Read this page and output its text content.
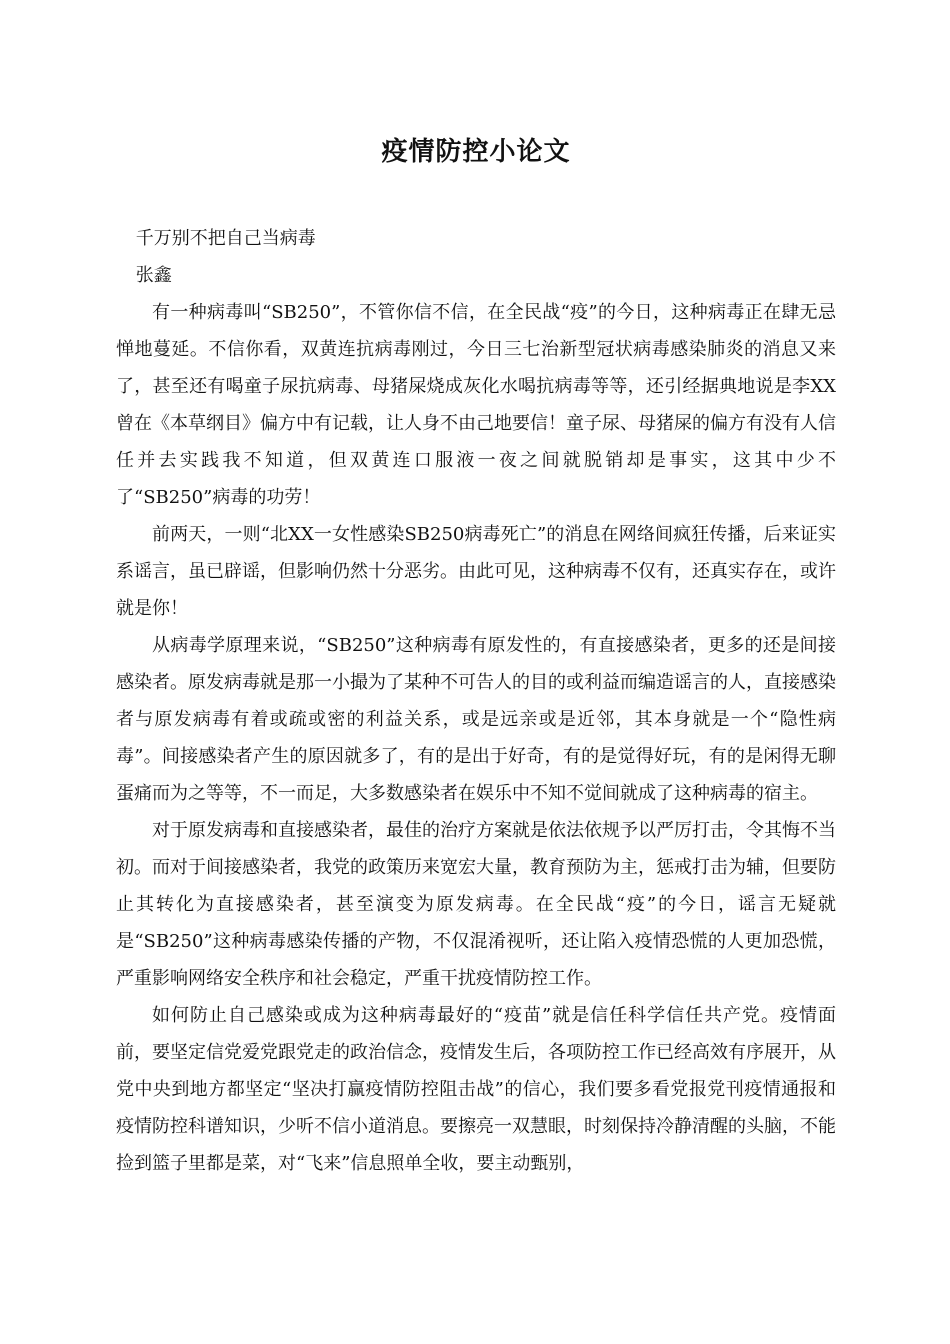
疫情防控小论文

千万别不把自己当病毒

张鑫

有一种病毒叫“SB250”，不管你信不信，在全民战“疫”的今日，这种病毒正在肆无忌惮地蔓延。不信你看，双黄连抗病毒刚过，今日三七治新型冠状病毒感染肺炎的消息又来了，甚至还有喝童子尿抗病毒、母猪屎烧成灰化水喝抗病毒等等，还引经据典地说是李XX曾在《本草纲目》偏方中有记载，让人身不由己地要信！童子尿、母猪屎的偏方有没有人信任并去实践我不知道，但双黄连口服液一夜之间就脱销却是事实，这其中少不了“SB250”病毒的功劳！

前两天，一则“北XX一女性感染SB250病毒死亡”的消息在网络间疯狂传播，后来证实系谣言，虽已辟谣，但影响仍然十分恶劣。由此可见，这种病毒不仅有，还真实存在，或许就是你！

从病毒学原理来说，“SB250”这种病毒有原发性的，有直接感染者，更多的还是间接感染者。原发病毒就是那一小撮为了某种不可告人的目的或利益而编造谣言的人，直接感染者与原发病毒有着或疏或密的利益关系，或是远亲或是近邻，其本身就是一个“隐性病毒”。间接感染者产生的原因就多了，有的是出于好奇，有的是觉得好玩，有的是闲得无聊蛋痛而为之等等，不一而足，大多数感染者在娱乐中不知不觉间就成了这种病毒的宿主。

对于原发病毒和直接感染者，最佳的治疗方案就是依法依规予以严厉打击，令其悔不当初。而对于间接感染者，我党的政策历来宽宏大量，教育预防为主，惩戒打击为辅，但要防止其转化为直接感染者，甚至演变为原发病毒。在全民战“疫”的今日，谣言无疑就是“SB250”这种病毒感染传播的产物，不仅混淆视听，还让陷入疫情恐慌的人更加恐慌，严重影响网络安全秩序和社会稳定，严重干扰疫情防控工作。

如何防止自己感染或成为这种病毒最好的“疫苗”就是信任科学信任共产党。疫情面前，要坚定信党爱党跟党走的政治信念，疫情发生后，各项防控工作已经高效有序展开，从党中央到地方都坚定“坚决打赢疫情防控阻击战”的信心，我们要多看党报党刊疫情通报和疫情防控科谱知识，少听不信小道消息。要擦亮一双慧眼，时刻保持冷静清醒的头脑，不能捡到篮子里都是菜，对“飞来”信息照单全收，要主动甄别，
